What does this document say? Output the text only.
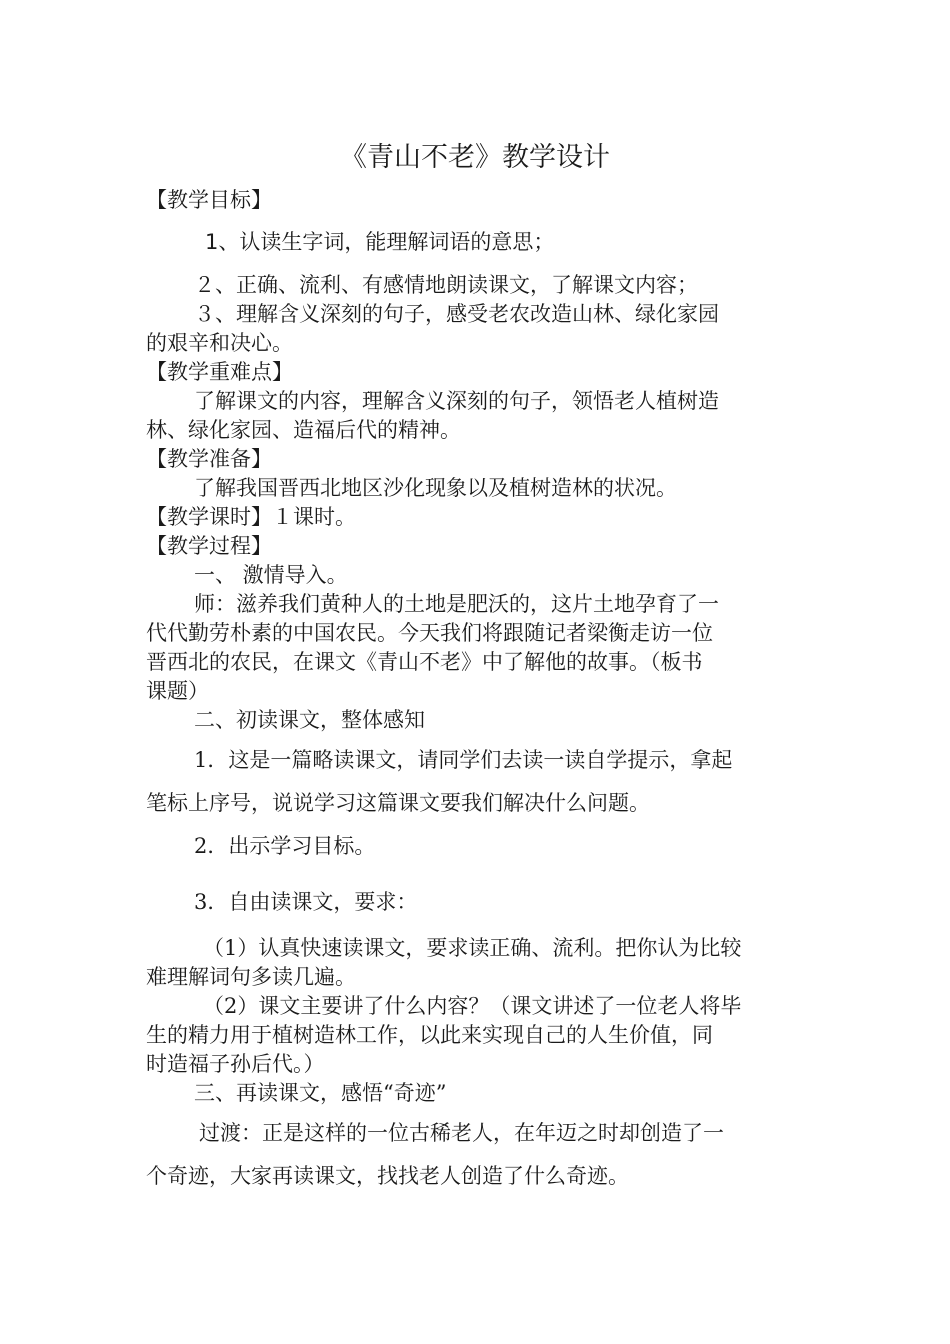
《青山不老》教学设计

【教学目标】

1、认读生字词，能理解词语的意思；

２、正确、流利、有感情地朗读课文，了解课文内容；

３、理解含义深刻的句子，感受老农改造山林、绿化家园

的艰辛和决心。

【教学重难点】

了解课文的内容，理解含义深刻的句子，领悟老人植树造

林、绿化家园、造福后代的精神。

【教学准备】

了解我国晋西北地区沙化现象以及植树造林的状况。

【教学课时】１课时。

【教学过程】

一、 激情导入。

师：滋养我们黄种人的土地是肥沃的，这片土地孕育了一

代代勤劳朴素的中国农民。今天我们将跟随记者梁衡走访一位

晋西北的农民，在课文《青山不老》中了解他的故事。（板书

课题）

二、初读课文，整体感知

1．这是一篇略读课文，请同学们去读一读自学提示，拿起

笔标上序号，说说学习这篇课文要我们解决什么问题。

2．出示学习目标。

3．自由读课文，要求：

（1）认真快速读课文，要求读正确、流利。把你认为比较

难理解词句多读几遍。

（2）课文主要讲了什么内容？（课文讲述了一位老人将毕

生的精力用于植树造林工作，以此来实现自己的人生价值，同

时造福子孙后代。）

三、再读课文，感悟“奇迹”

过渡：正是这样的一位古稀老人，在年迈之时却创造了一

个奇迹，大家再读课文，找找老人创造了什么奇迹。
